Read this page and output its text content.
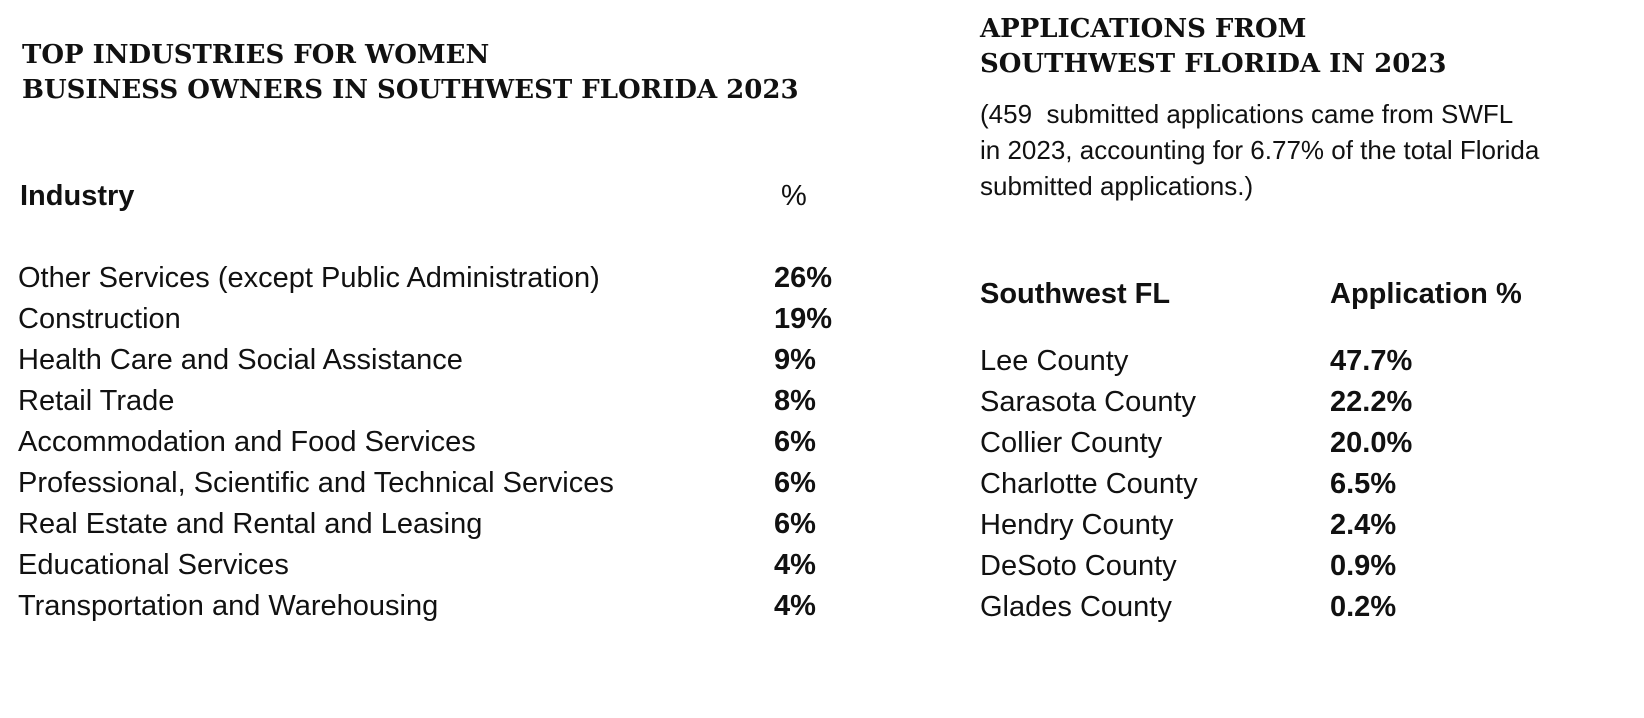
TOP INDUSTRIES FOR WOMEN
BUSINESS OWNERS IN SOUTHWEST FLORIDA 2023
Industry	%
Other Services (except Public Administration)	26%
Construction	19%
Health Care and Social Assistance	9%
Retail Trade	8%
Accommodation and Food Services	6%
Professional, Scientific and Technical Services	6%
Real Estate and Rental and Leasing	6%
Educational Services	4%
Transportation and Warehousing	4%
APPLICATIONS FROM
SOUTHWEST FLORIDA IN 2023
(459  submitted applications came from SWFL
in 2023, accounting for 6.77% of the total Florida
submitted applications.)
Southwest FL	Application %
Lee County	47.7%
Sarasota County	22.2%
Collier County	20.0%
Charlotte County	6.5%
Hendry County	2.4%
DeSoto County	0.9%
Glades County	0.2%
